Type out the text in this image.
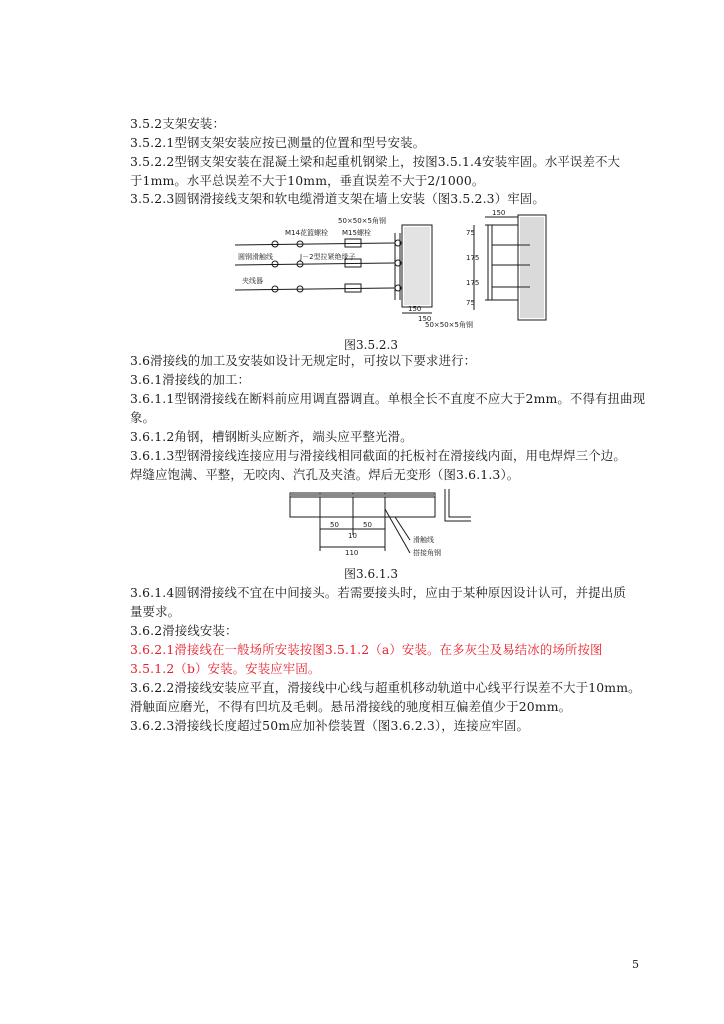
3.5.2支架安装：
3.5.2.1型钢支架安装应按已测量的位置和型号安装。
3.5.2.2型钢支架安装在混凝土梁和起重机钢梁上，按图3.5.1.4安装牢固。水平误差不大
于1mm。水平总误差不大于10mm，垂直误差不大于2/1000。
3.5.2.3圆钢滑接线支架和软电缆滑道支架在墙上安装（图3.5.2.3）牢固。
50×50×5角钢
M14花篮螺栓 M15螺栓
圆钢滑触线	J－2型拉紧绝缘子
夹线器
50×50×5角钢
150
150
150
75
175
175
75
图3.5.2.3
3.6滑接线的加工及安装如设计无规定时，可按以下要求进行：
3.6.1滑接线的加工：
3.6.1.1型钢滑接线在断料前应用调直器调直。单根全长不直度不应大于2mm。不得有扭曲现
象。
3.6.1.2角钢，槽钢断头应断齐，端头应平整光滑。
3.6.1.3型钢滑接线连接应用与滑接线相同截面的托板衬在滑接线内面，用电焊焊三个边。
焊缝应饱满、平整，无咬肉、汽孔及夹渣。焊后无变形（图3.6.1.3）。
50	50
10
110
滑触线
搭接角钢
图3.6.1.3
3.6.1.4圆钢滑接线不宜在中间接头。若需要接头时，应由于某种原因设计认可，并提出质
量要求。
3.6.2滑接线安装：
3.6.2.1滑接线在一般场所安装按图3.5.1.2（a）安装。在多灰尘及易结冰的场所按图
3.5.1.2（b）安装。安装应牢固。
3.6.2.2滑接线安装应平直，滑接线中心线与超重机移动轨道中心线平行误差不大于10mm。
滑触面应磨光，不得有凹坑及毛刺。悬吊滑接线的驰度相互偏差值少于20mm。
3.6.2.3滑接线长度超过50m应加补偿装置（图3.6.2.3），连接应牢固。
5
